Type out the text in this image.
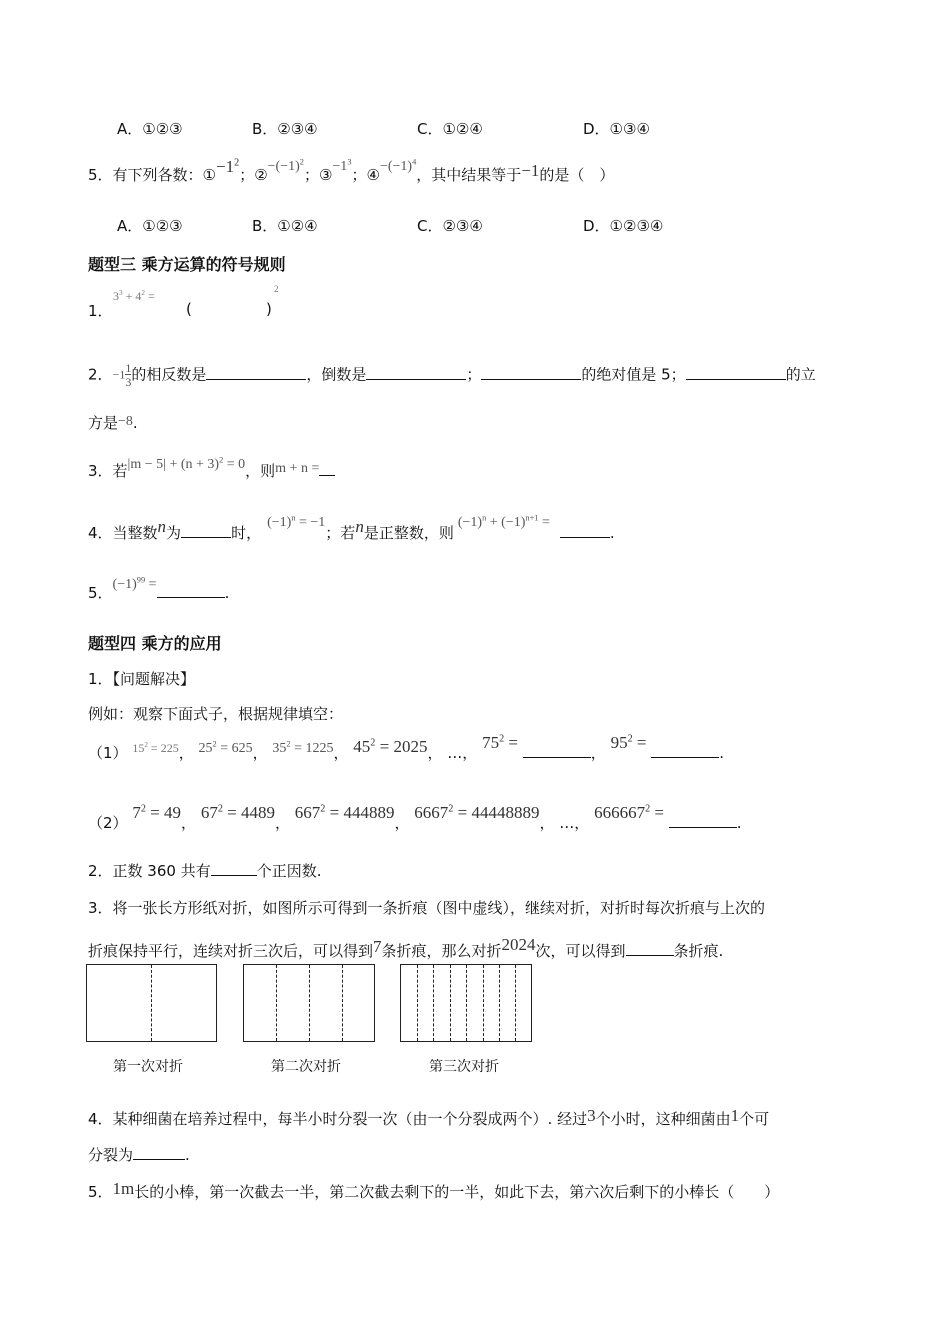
A．①②③	B．②③④	C．①②④	D．①③④
5．有下列各数：$①-1^2$；$②-(-1)^2$；$③-1^3$；$④-(-1)^4$，其中结果等于−1的是（　）
A．①②③	B．①②④	C．②③④	D．①②③④
题型三 乘方运算的符号规则
1．
$3^3 + 4^2$ =
(	)
2
2．$-1 \frac{1}{3}$ 的相反数是	，倒数是	；	的绝对值是 5；	的立
方是−8.
3．若$|m - 5| + (n + 3)^2 = 0$，则m + n =
4．当整数n为	时，$(-1)^n = -1$；若n是正整数，则$(-1)^n + (-1)^{n+1}$ =.
5．$(-1)^{99}$ =	.
题型四 乘方的应用
1．【问题解决】
例如：观察下面式子，根据规律填空：
（1） $^{15^2 = 225}$， $25^2 = 625$， $35^2 = 1225$， $45^2 = 2025$， …， $75^2$ = ， $95^2$ = .
（2） $7^2 = 49$， $67^2 = 4489$， $667^2 = 444889$， $6667^2 = 44448889$， …， $666667^2$ = .
2．正数 360 共有	个正因数.
3．将一张长方形纸对折，如图所示可得到一条折痕（图中虚线），继续对折，对折时每次折痕与上次的
折痕保持平行，连续对折三次后，可以得到7条折痕，那么对折2024次，可以得到	条折痕.
第一次对折	第二次对折	第三次对折
4．某种细菌在培养过程中，每半小时分裂一次（由一个分裂成两个）. 经过3个小时，这种细菌由1个可
分裂为	.
5．1m长的小棒，第一次截去一半，第二次截去剩下的一半，如此下去，第六次后剩下的小棒长（　　）
